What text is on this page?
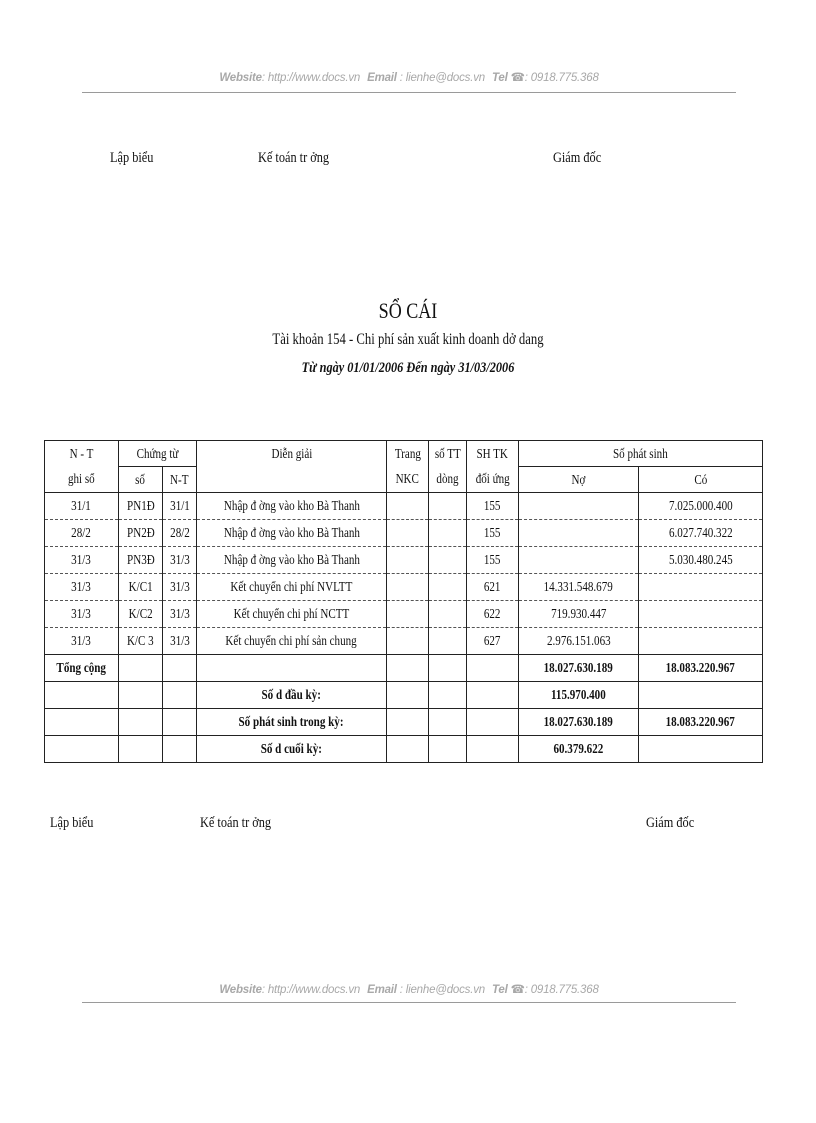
Website: http://www.docs.vn Email : lienhe@docs.vn Tel ☎: 0918.775.368
Lập biểu	Kế toán tr ởng	Giám đốc
SỔ CÁI
Tài khoản 154 - Chi phí sản xuất kinh doanh dở dang
Từ ngày 01/01/2006 Đến ngày 31/03/2006
N - T	Chứng từ		Diễn giải	Trang	số TT	SH TK	Số phát sinh	
ghi sổ	số	N-T		NKC	dòng	đối ứng	Nợ	Có
31/1	PN1Đ	31/1	Nhập đ ờng vào kho Bà Thanh			155		7.025.000.400
28/2	PN2Đ	28/2	Nhập đ ờng vào kho Bà Thanh			155		6.027.740.322
31/3	PN3Đ	31/3	Nhập đ ờng vào kho Bà Thanh			155		5.030.480.245
31/3	K/C1	31/3	Kết chuyển chi phí NVLTT			621	14.331.548.679	
31/3	K/C2	31/3	Kết chuyển chi phí NCTT			622	719.930.447	
31/3	K/C 3	31/3	Kết chuyển chi phí sản chung			627	2.976.151.063	
Tổng cộng							18.027.630.189	18.083.220.967
			Số d đầu kỳ:				115.970.400	
			Số phát sinh trong kỳ:				18.027.630.189	18.083.220.967
			Số d cuối kỳ:				60.379.622	
Lập biểu	Kế toán tr ởng	Giám đốc
Website: http://www.docs.vn Email : lienhe@docs.vn Tel ☎: 0918.775.368
